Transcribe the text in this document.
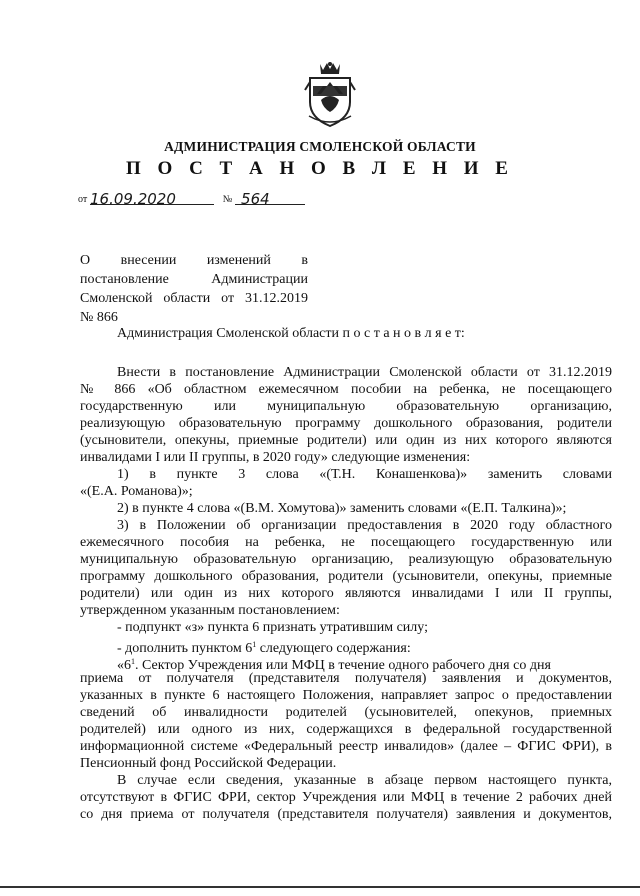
АДМИНИСТРАЦИЯ СМОЛЕНСКОЙ ОБЛАСТИ
П О С Т А Н О В Л Е Н И Е
от 16.09.2020	№ 564

О внесении изменений в

постановление Администрации

Смоленской области от 31.12.2019

№ 866

Администрация Смоленской области п о с т а н о в л я е т:
Внести в постановление Администрации Смоленской области от 31.12.2019
№ 866 «Об областном ежемесячном пособии на ребенка, не посещающего
государственную или муниципальную образовательную организацию,
реализующую образовательную программу дошкольного образования, родители
(усыновители, опекуны, приемные родители) или один из них которого являются
инвалидами I или II группы, в 2020 году» следующие изменения:
1) в пункте 3 слова «(Т.Н. Конашенкова)» заменить словами
«(Е.А. Романова)»;
2) в пункте 4 слова «(В.М. Хомутова)» заменить словами «(Е.П. Талкина)»;
3) в Положении об организации предоставления в 2020 году областного
ежемесячного пособия на ребенка, не посещающего государственную или
муниципальную образовательную организацию, реализующую образовательную
программу дошкольного образования, родители (усыновители, опекуны, приемные
родители) или один из них которого являются инвалидами I или II группы,
утвержденном указанным постановлением:
- подпункт «з» пункта 6 признать утратившим силу;
- дополнить пунктом $6^1$ следующего содержания:
«$6^1$. Сектор Учреждения или МФЦ в течение одного рабочего дня со дня
приема от получателя (представителя получателя) заявления и документов,
указанных в пункте 6 настоящего Положения, направляет запрос о предоставлении
сведений об инвалидности родителей (усыновителей, опекунов, приемных
родителей) или одного из них, содержащихся в федеральной государственной
информационной системе «Федеральный реестр инвалидов» (далее – ФГИС ФРИ), в
Пенсионный фонд Российской Федерации.
В случае если сведения, указанные в абзаце первом настоящего пункта,
отсутствуют в ФГИС ФРИ, сектор Учреждения или МФЦ в течение 2 рабочих дней
со дня приема от получателя (представителя получателя) заявления и документов,
